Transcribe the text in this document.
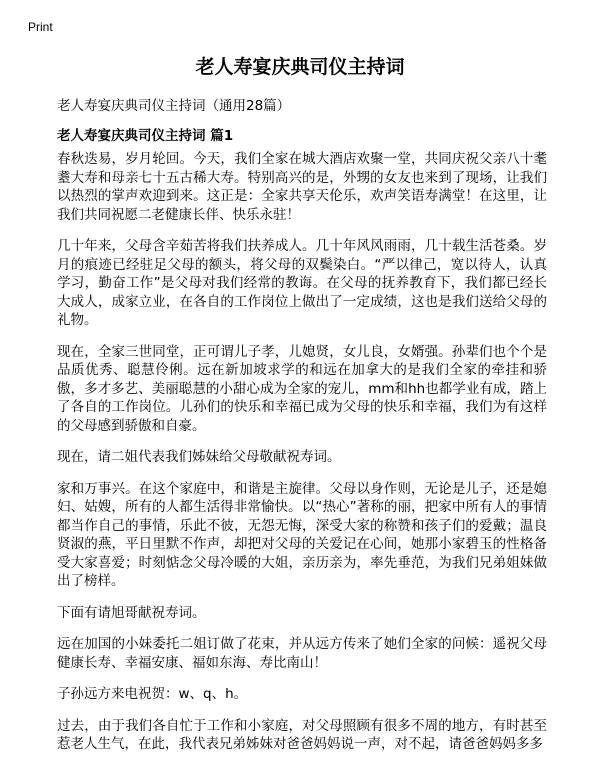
Print
老人寿宴庆典司仪主持词
老人寿宴庆典司仪主持词（通用28篇）
老人寿宴庆典司仪主持词 篇1

春秋迭易，岁月轮回。今天，我们全家在城大酒店欢聚一堂，共同庆祝父亲八十耄耋大寿和母亲七十五古稀大寿。特别高兴的是，外甥的女友也来到了现场，让我们以热烈的掌声欢迎到来。这正是：全家共享天伦乐，欢声笑语寿满堂！在这里，让我们共同祝愿二老健康长伴、快乐永驻！

几十年来，父母含辛茹苦将我们扶养成人。几十年风风雨雨，几十载生活苍桑。岁月的痕迹已经驻足父母的额头，将父母的双鬓染白。“严以律己，宽以待人，认真学习，勤奋工作”是父母对我们经常的教诲。在父母的抚养教育下，我们都已经长大成人，成家立业，在各自的工作岗位上做出了一定成绩，这也是我们送给父母的礼物。

现在，全家三世同堂，正可谓儿子孝，儿媳贤，女儿良，女婿强。孙辈们也个个是品质优秀、聪慧伶俐。远在新加坡求学的和远在加拿大的是我们全家的牵挂和骄傲，多才多艺、美丽聪慧的小甜心成为全家的宠儿，mm和hh也都学业有成，踏上了各自的工作岗位。儿孙们的快乐和幸福已成为父母的快乐和幸福，我们为有这样的父母感到骄傲和自豪。

现在，请二姐代表我们姊妹给父母敬献祝寿词。

家和万事兴。在这个家庭中，和谐是主旋律。父母以身作则，无论是儿子，还是媳妇、姑嫂，所有的人都生活得非常愉快。以“热心”著称的丽，把家中所有人的事情都当作自己的事情，乐此不彼，无怨无悔，深受大家的称赞和孩子们的爱戴；温良贤淑的燕，平日里默不作声，却把对父母的关爱记在心间，她那小家碧玉的性格备受大家喜爱；时刻惦念父母冷暖的大姐，亲历亲为，率先垂范，为我们兄弟姐妹做出了榜样。

下面有请旭哥献祝寿词。

远在加国的小妹委托二姐订做了花束，并从远方传来了她们全家的问候：遥祝父母健康长寿、幸福安康、福如东海、寿比南山！

子孙远方来电祝贺：w、q、h。

过去，由于我们各自忙于工作和小家庭，对父母照顾有很多不周的地方，有时甚至惹老人生气，在此，我代表兄弟姊妹对爸爸妈妈说一声，对不起，请爸爸妈妈多多
